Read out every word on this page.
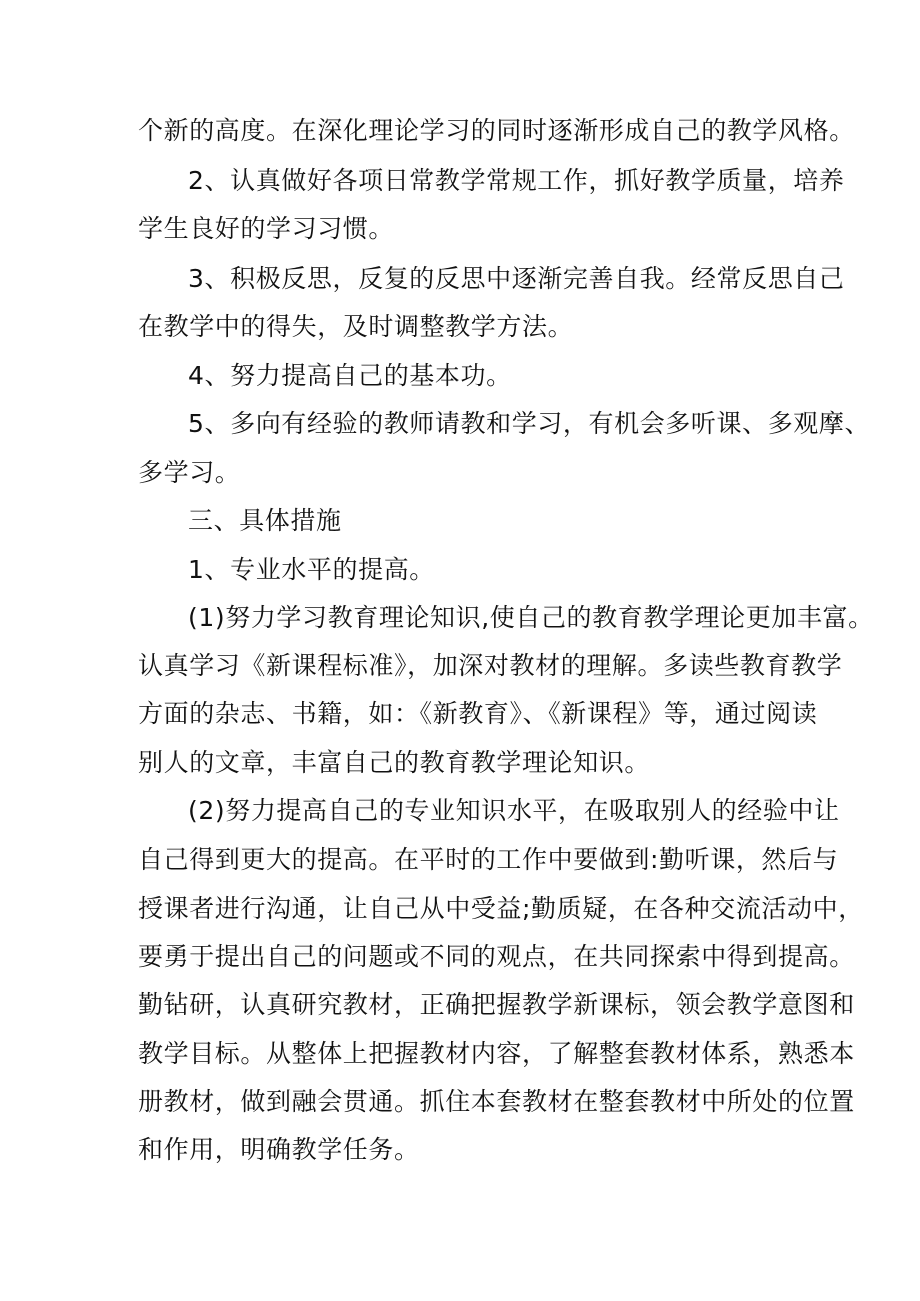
个新的高度。在深化理论学习的同时逐渐形成自己的教学风格。
2、认真做好各项日常教学常规工作，抓好教学质量，培养
学生良好的学习习惯。
3、积极反思，反复的反思中逐渐完善自我。经常反思自己
在教学中的得失，及时调整教学方法。
4、努力提高自己的基本功。
5、多向有经验的教师请教和学习，有机会多听课、多观摩、
多学习。
三、具体措施
1、专业水平的提高。
(1)努力学习教育理论知识,使自己的教育教学理论更加丰富。
认真学习《新课程标准》，加深对教材的理解。多读些教育教学
方面的杂志、书籍，如：《新教育》、《新课程》等，通过阅读
别人的文章，丰富自己的教育教学理论知识。
(2)努力提高自己的专业知识水平，在吸取别人的经验中让
自己得到更大的提高。在平时的工作中要做到:勤听课，然后与
授课者进行沟通，让自己从中受益;勤质疑，在各种交流活动中，
要勇于提出自己的问题或不同的观点，在共同探索中得到提高。
勤钻研，认真研究教材，正确把握教学新课标，领会教学意图和
教学目标。从整体上把握教材内容，了解整套教材体系，熟悉本
册教材，做到融会贯通。抓住本套教材在整套教材中所处的位置
和作用，明确教学任务。
